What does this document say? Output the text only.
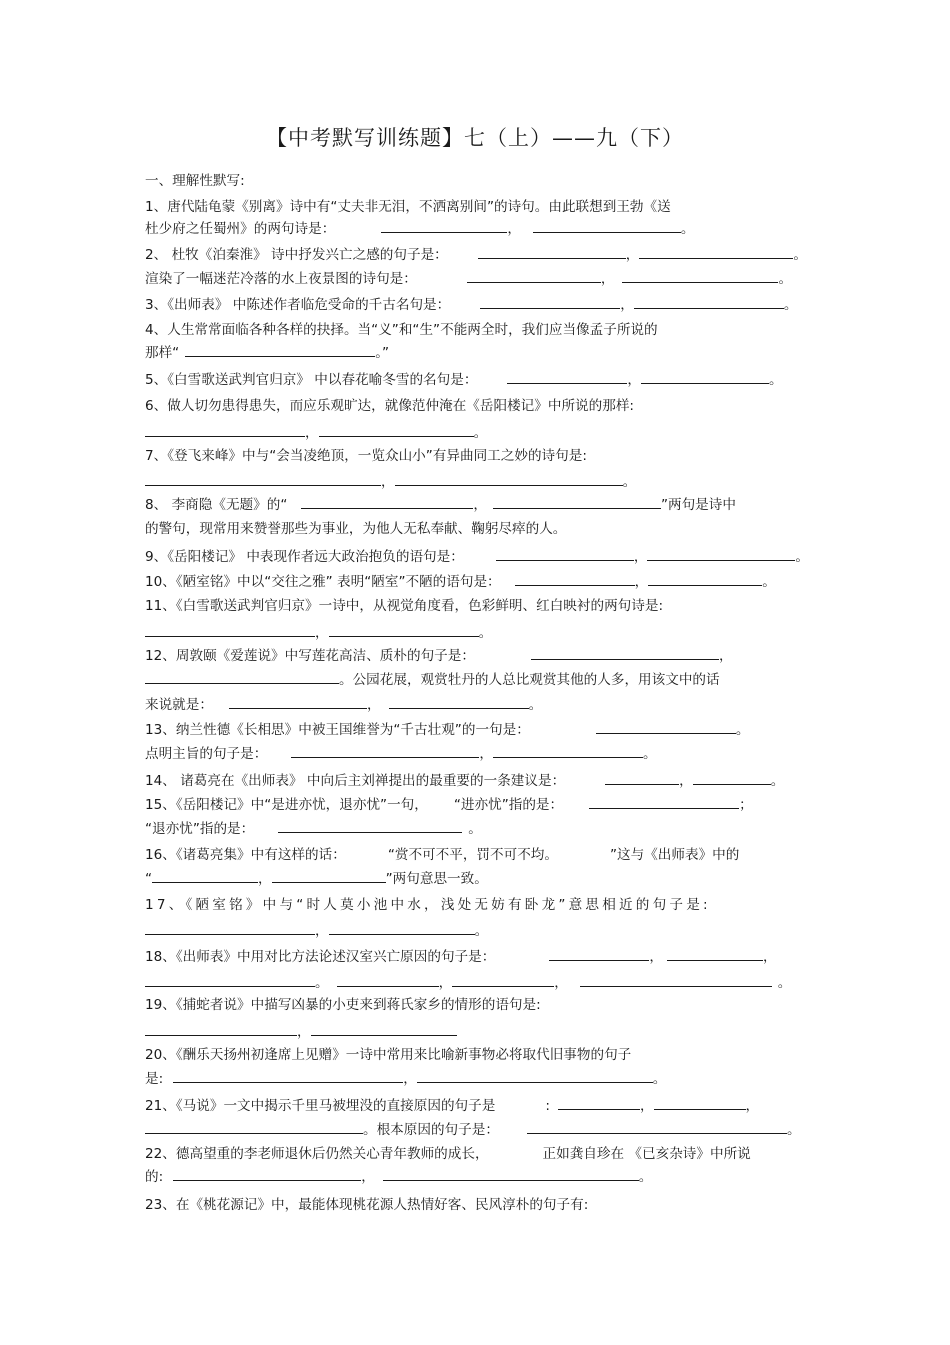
【中考默写训练题】七（上）——九（下）
一、理解性默写:
1、唐代陆龟蒙《别离》诗中有“丈夫非无泪，不洒离别间”的诗句。由此联想到王勃《送
杜少府之任蜀州》的两句诗是：	，	。
2、 杜牧《泊秦淮》 诗中抒发兴亡之感的句子是：	，	。
渲染了一幅迷茫冷落的水上夜景图的诗句是：	，	。
3、《出师表》 中陈述作者临危受命的千古名句是：	，	。
4、人生常常面临各种各样的抉择。当“义”和“生”不能两全时，我们应当像孟子所说的
那样“	。”
5、《白雪歌送武判官归京》 中以春花喻冬雪的名句是：	，	。
6、做人切勿患得患失，而应乐观旷达，就像范仲淹在《岳阳楼记》中所说的那样:
，	。
7、《登飞来峰》中与“会当凌绝顶，一览众山小”有异曲同工之妙的诗句是:
，	。
8、 李商隐《无题》的“	，	”两句是诗中
的警句，现常用来赞誉那些为事业，为他人无私奉献、鞠躬尽瘁的人。
9、《岳阳楼记》 中表现作者远大政治抱负的语句是：	，	。
10、《陋室铭》中以“交往之雅” 表明“陋室”不陋的语句是：	，	。
11、《白雪歌送武判官归京》一诗中，从视觉角度看，色彩鲜明、红白映衬的两句诗是:
，	。
12、周敦颐《爱莲说》中写莲花高洁、质朴的句子是：	，
。公园花展，观赏牡丹的人总比观赏其他的人多，用该文中的话
来说就是：	，	。
13、纳兰性德《长相思》中被王国维誉为“千古壮观”的一句是：	。
点明主旨的句子是：	，	。
14、 诸葛亮在《出师表》 中向后主刘禅提出的最重要的一条建议是：	，	。
15、《岳阳楼记》中“是进亦忧，退亦忧”一句， “进亦忧”指的是：	；
“退亦忧”指的是：	。
16、《诸葛亮集》中有这样的话：	“赏不可不平，罚不可不均。	”这与《出师表》中的
“	，	”两句意思一致。
17、《陋室铭》中与“时人莫小池中水，浅处无妨有卧龙”意思相近的句子是:
，	。
18、《出师表》中用对比方法论述汉室兴亡原因的句子是：	，	，
。	，	，	。
19、《捕蛇者说》中描写凶暴的小吏来到蒋氏家乡的情形的语句是:
，
20、《酬乐天扬州初逢席上见赠》一诗中常用来比喻新事物必将取代旧事物的句子
是:	，	。
21、《马说》一文中揭示千里马被埋没的直接原因的句子是	:	，	，
。根本原因的句子是：	。
22、德高望重的李老师退休后仍然关心青年教师的成长，	正如龚自珍在 《已亥杂诗》中所说
的:	，	。
23、在《桃花源记》中，最能体现桃花源人热情好客、民风淳朴的句子有:
